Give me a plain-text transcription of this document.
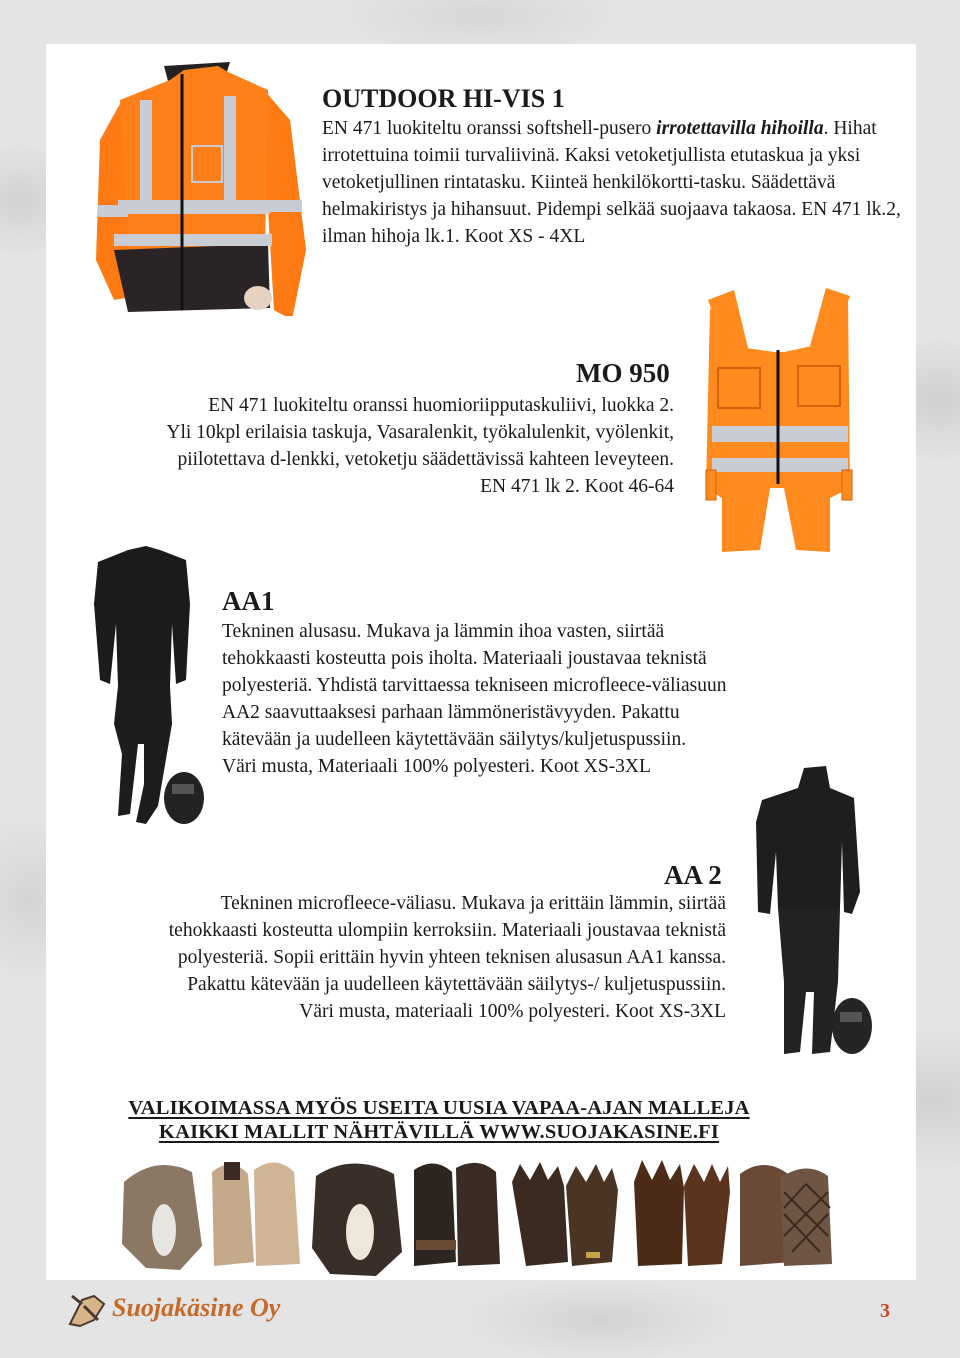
OUTDOOR HI-VIS 1

EN 471 luokiteltu oranssi softshell-pusero irrotettavilla hihoilla. Hihat irrotettuina toimii turvaliivinä. Kaksi vetoketjullista etutaskua ja yksi vetoketjullinen rintatasku. Kiinteä henkilökortti-tasku. Säädettävä helmakiristys ja hihansuut. Pidempi selkää suojaava takaosa. EN 471 lk.2, ilman hihoja lk.1. Koot XS - 4XL

MO 950
EN 471 luokiteltu oranssi huomioriipputaskuliivi, luokka 2.
Yli 10kpl erilaisia taskuja, Vasaralenkit, työkalulenkit, vyölenkit,
piilotettava d-lenkki, vetoketju säädettävissä kahteen leveyteen.
EN 471 lk 2. Koot 46-64
AA1
Tekninen alusasu. Mukava ja lämmin ihoa vasten, siirtää
tehokkaasti kosteutta pois iholta. Materiaali joustavaa teknistä
polyesteriä. Yhdistä tarvittaessa tekniseen microfleece-väliasuun
AA2 saavuttaaksesi parhaan lämmöneristävyyden. Pakattu
kätevään ja uudelleen käytettävään säilytys/kuljetuspussiin.
Väri musta, Materiaali 100% polyesteri. Koot XS-3XL
AA 2
Tekninen microfleece-väliasu. Mukava ja erittäin lämmin, siirtää
tehokkaasti kosteutta ulompiin kerroksiin. Materiaali joustavaa teknistä
polyesteriä. Sopii erittäin hyvin yhteen teknisen alusasun AA1 kanssa.
Pakattu kätevään ja uudelleen käytettävään säilytys-/ kuljetuspussiin.
Väri musta, materiaali 100% polyesteri. Koot XS-3XL
VALIKOIMASSA MYÖS USEITA UUSIA VAPAA-AJAN MALLEJA
KAIKKI MALLIT NÄHTÄVILLÄ WWW.SUOJAKASINE.FI
Suojakäsine Oy	3
